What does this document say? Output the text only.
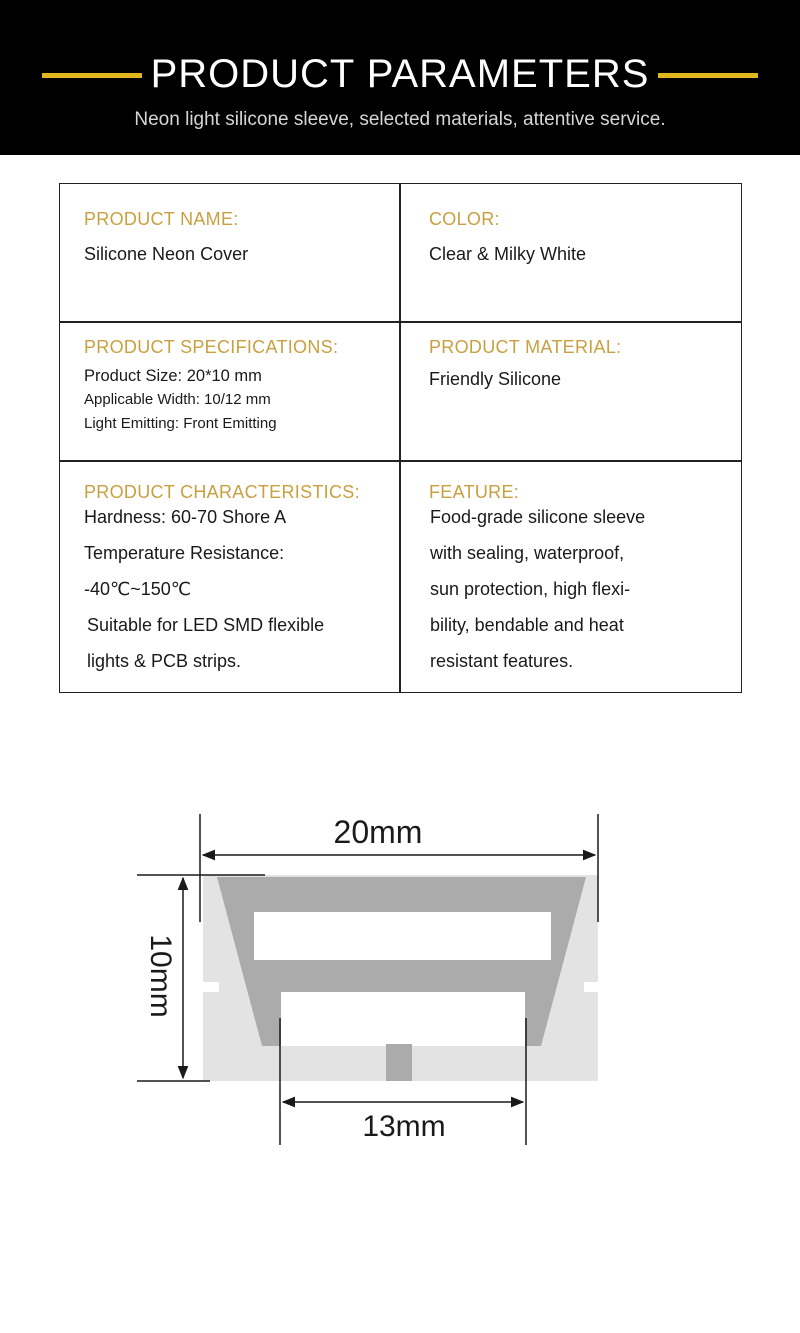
PRODUCT PARAMETERS
Neon light silicone sleeve, selected materials, attentive service.
PRODUCT NAME:
Silicone Neon Cover
COLOR:
Clear & Milky White
PRODUCT SPECIFICATIONS:
Product Size: 20*10 mm
Applicable Width: 10/12 mm
Light Emitting: Front Emitting
PRODUCT MATERIAL:
Friendly Silicone
PRODUCT CHARACTERISTICS:
Hardness: 60-70 Shore A
Temperature Resistance:
-40℃~150℃
Suitable for LED SMD flexible
lights & PCB strips.
FEATURE:
Food-grade silicone sleeve
with sealing, waterproof,
sun protection, high flexi-
bility, bendable and heat
resistant features.
20mm
10mm
13mm
